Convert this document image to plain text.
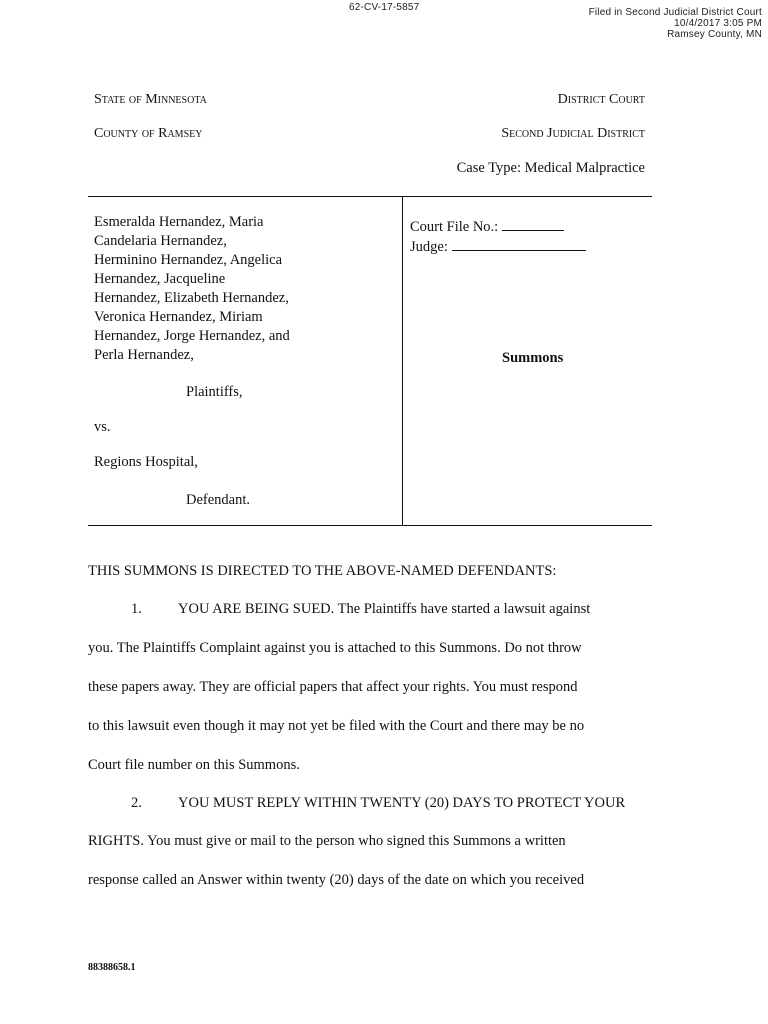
62-CV-17-5857	Filed in Second Judicial District Court
10/4/2017 3:05 PM
Ramsey County, MN
State of Minnesota
County of Ramsey
District Court
Second Judicial District
Case Type: Medical Malpractice
Esmeralda Hernandez, Maria
Candelaria Hernandez,
Herminino Hernandez, Angelica
Hernandez, Jacqueline
Hernandez, Elizabeth Hernandez,
Veronica Hernandez, Miriam
Hernandez, Jorge Hernandez, and
Perla Hernandez,
Plaintiffs,
vs.
Regions Hospital,
Defendant.
Court File No.:
Judge:
Summons
THIS SUMMONS IS DIRECTED TO THE ABOVE-NAMED DEFENDANTS:
1. YOU ARE BEING SUED. The Plaintiffs have started a lawsuit against
you. The Plaintiffs Complaint against you is attached to this Summons. Do not throw
these papers away. They are official papers that affect your rights. You must respond
to this lawsuit even though it may not yet be filed with the Court and there may be no
Court file number on this Summons.
2. YOU MUST REPLY WITHIN TWENTY (20) DAYS TO PROTECT YOUR
RIGHTS. You must give or mail to the person who signed this Summons a written
response called an Answer within twenty (20) days of the date on which you received
88388658.1
